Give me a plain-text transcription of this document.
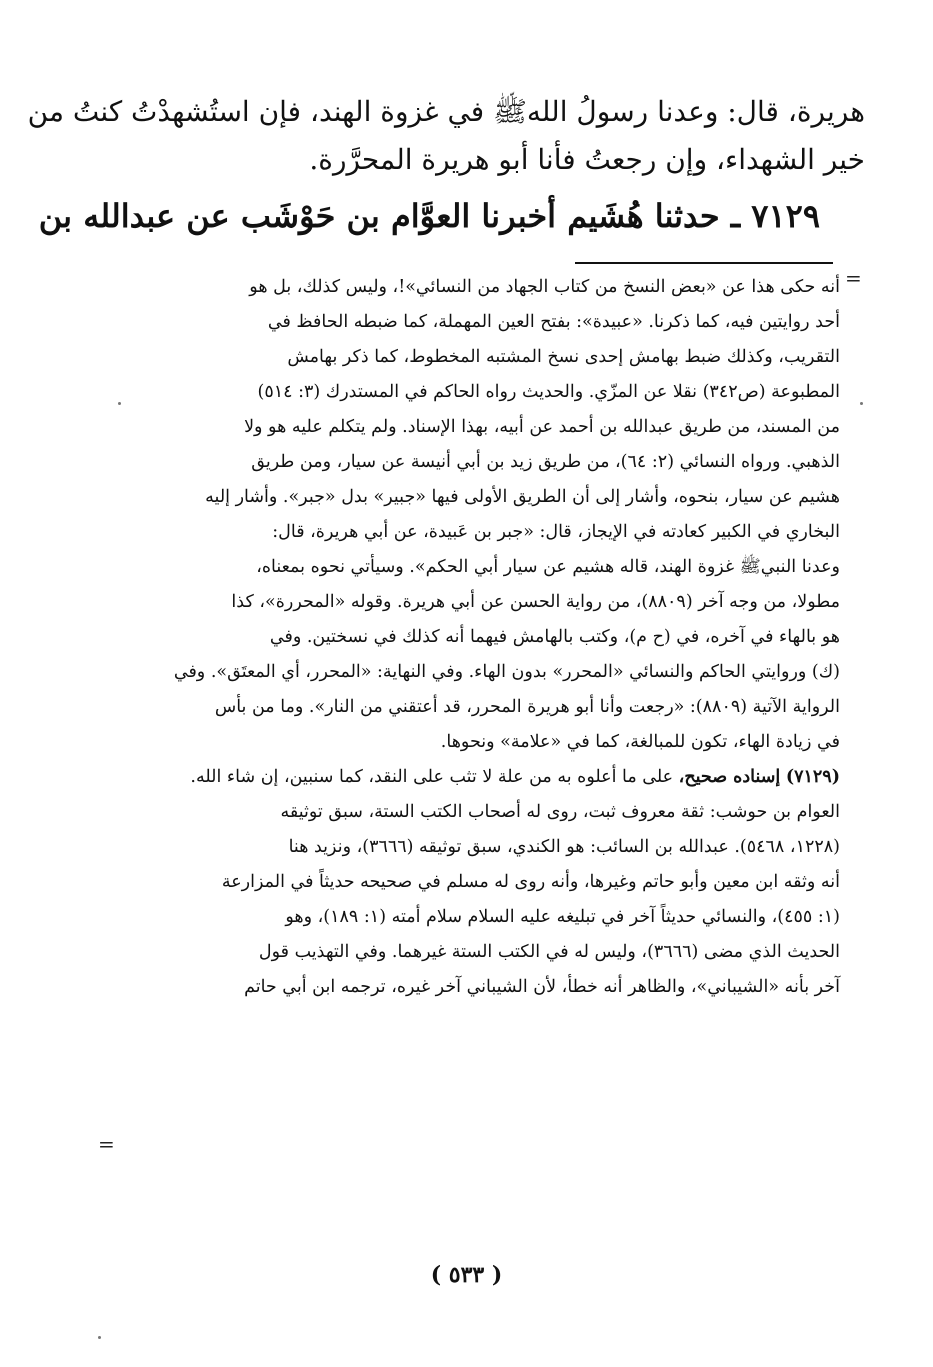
هريرة، قال: وعدنا رسولُ اللهﷺ في غزوة الهند، فإن استُشهدْتُ كنتُ من
خير الشهداء، وإن رجعتُ فأنا أبو هريرة المحرَّرة.
٧١٢٩ ـ حدثنا هُشَيم أخبرنا العوَّام بن حَوْشَب عن عبدالله بن
=
أنه حكى هذا عن «بعض النسخ من كتاب الجهاد من النسائي»!، وليس كذلك، بل هو
أحد روايتين فيه، كما ذكرنا. «عبيدة»: بفتح العين المهملة، كما ضبطه الحافظ في
التقريب، وكذلك ضبط بهامش إحدى نسخ المشتبه المخطوط، كما ذكر بهامش
المطبوعة (ص٣٤٢) نقلا عن المزّي. والحديث رواه الحاكم في المستدرك (٣: ٥١٤)
من المسند، من طريق عبدالله بن أحمد عن أبيه، بهذا الإسناد. ولم يتكلم عليه هو ولا
الذهبي. ورواه النسائي (٢: ٦٤)، من طريق زيد بن أبي أنيسة عن سيار، ومن طريق
هشيم عن سيار، بنحوه، وأشار إلى أن الطريق الأولى فيها «جبير» بدل «جبر». وأشار إليه
البخاري في الكبير كعادته في الإيجاز، قال: «جبر بن عَبيدة، عن أبي هريرة، قال:
وعدنا النبيﷺ غزوة الهند، قاله هشيم عن سيار أبي الحكم». وسيأتي نحوه بمعناه،
مطولا، من وجه آخر (٨٨٠٩)، من رواية الحسن عن أبي هريرة. وقوله «المحررة»، كذا
هو بالهاء في آخره، في (ح م)، وكتب بالهامش فيهما أنه كذلك في نسختين. وفي
(ك) وروايتي الحاكم والنسائي «المحرر» بدون الهاء. وفي النهاية: «المحرر، أي المعتَق». وفي
الرواية الآتية (٨٨٠٩): «رجعت وأنا أبو هريرة المحرر، قد أعتقني من النار». وما من بأس
في زيادة الهاء، تكون للمبالغة، كما في «علامة» ونحوها.
(٧١٢٩) إسناده صحيح، على ما أعلوه به من علة لا تثب على النقد، كما سنبين، إن شاء الله.
العوام بن حوشب: ثقة معروف ثبت، روى له أصحاب الكتب الستة، سبق توثيقه
(١٢٢٨، ٥٤٦٨). عبدالله بن السائب: هو الكندي، سبق توثيقه (٣٦٦٦)، ونزيد هنا
أنه وثقه ابن معين وأبو حاتم وغيرها، وأنه روى له مسلم في صحيحه حديثاً في المزارعة
(١: ٤٥٥)، والنسائي حديثاً آخر في تبليغه عليه السلام سلام أمته (١: ١٨٩)، وهو
الحديث الذي مضى (٣٦٦٦)، وليس له في الكتب الستة غيرهما. وفي التهذيب قول
آخر بأنه «الشيباني»، والظاهر أنه خطأ، لأن الشيباني آخر غيره، ترجمه ابن أبي حاتم
=
( ٥٣٣ )
